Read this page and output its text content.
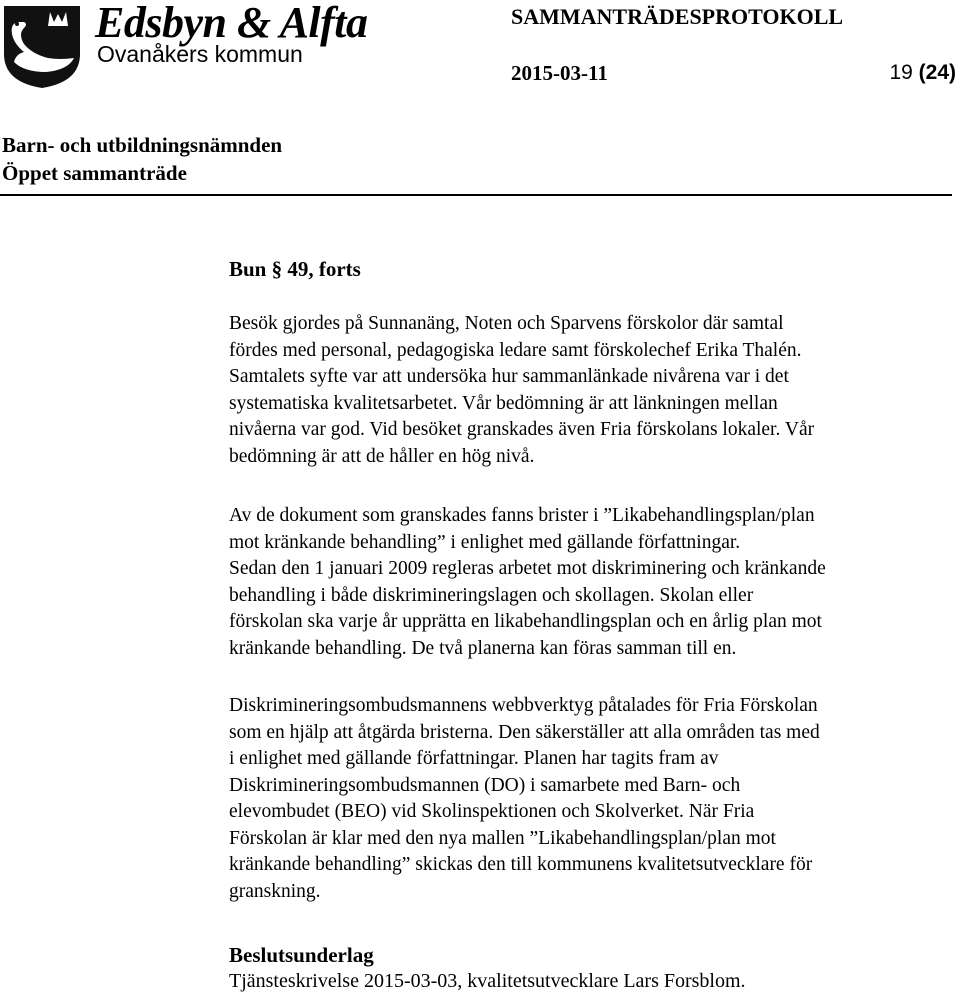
Edsbyn & Alfta
Ovanåkers kommun
SAMMANTRÄDESPROTOKOLL
2015-03-11	19 (24)
Barn- och utbildningsnämnden
Öppet sammanträde
Bun § 49, forts
Besök gjordes på Sunnanäng, Noten och Sparvens förskolor där samtal
fördes med personal, pedagogiska ledare samt förskolechef Erika Thalén.
Samtalets syfte var att undersöka hur sammanlänkade nivårena var i det
systematiska kvalitetsarbetet. Vår bedömning är att länkningen mellan
nivåerna var god. Vid besöket granskades även Fria förskolans lokaler. Vår
bedömning är att de håller en hög nivå.
Av de dokument som granskades fanns brister i ”Likabehandlingsplan/plan
mot kränkande behandling” i enlighet med gällande författningar.
Sedan den 1 januari 2009 regleras arbetet mot diskriminering och kränkande
behandling i både diskrimineringslagen och skollagen. Skolan eller
förskolan ska varje år upprätta en likabehandlingsplan och en årlig plan mot
kränkande behandling. De två planerna kan föras samman till en.
Diskrimineringsombudsmannens webbverktyg påtalades för Fria Förskolan
som en hjälp att åtgärda bristerna. Den säkerställer att alla områden tas med
i enlighet med gällande författningar. Planen har tagits fram av
Diskrimineringsombudsmannen (DO) i samarbete med Barn- och
elevombudet (BEO) vid Skolinspektionen och Skolverket. När Fria
Förskolan är klar med den nya mallen ”Likabehandlingsplan/plan mot
kränkande behandling” skickas den till kommunens kvalitetsutvecklare för
granskning.
Beslutsunderlag
Tjänsteskrivelse 2015-03-03, kvalitetsutvecklare Lars Forsblom.
